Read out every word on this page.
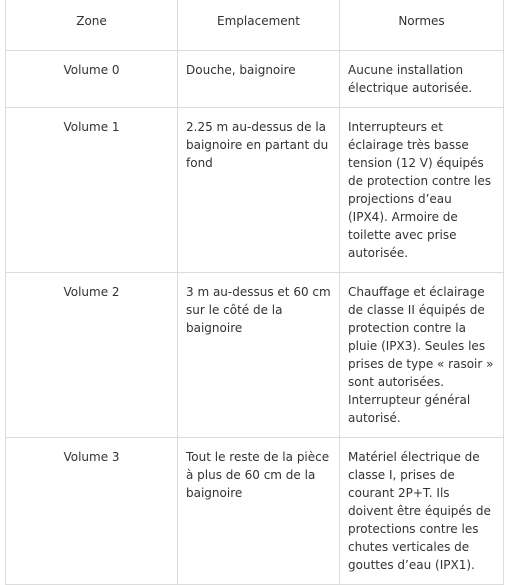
Zone	Emplacement	Normes
Volume 0	Douche, baignoire	Aucune installation électrique autorisée.
Volume 1	2.25 m au-dessus de la baignoire en partant du fond	Interrupteurs et éclairage très basse tension (12 V) équipés de protection contre les projections d’eau (IPX4). Armoire de toilette avec prise autorisée.
Volume 2	3 m au-dessus et 60 cm sur le côté de la baignoire	Chauffage et éclairage de classe II équipés de protection contre la pluie (IPX3). Seules les prises de type « rasoir » sont autorisées. Interrupteur général autorisé.
Volume 3	Tout le reste de la pièce à plus de 60 cm de la baignoire	Matériel électrique de classe I, prises de courant 2P+T. Ils doivent être équipés de protections contre les chutes verticales de gouttes d’eau (IPX1).
